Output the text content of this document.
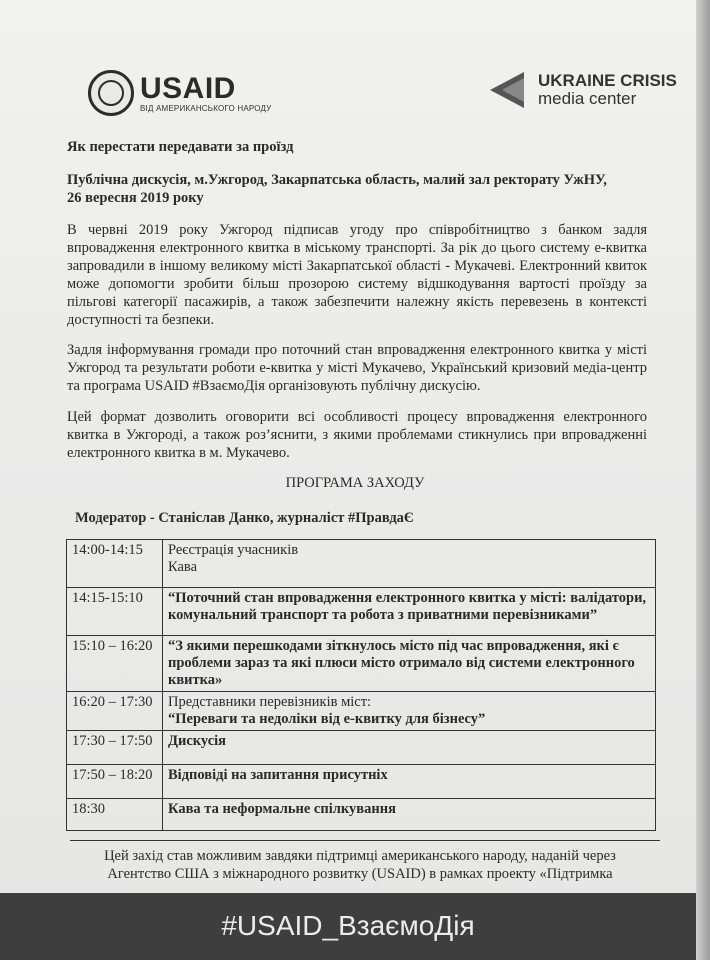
USAID
ВІД АМЕРИКАНСЬКОГО НАРОДУ
UKRAINE CRISIS
media center
Як перестати передавати за проїзд
Публічна дискусія, м.Ужгород, Закарпатська область, малий зал ректорату УжНУ,
26 вересня 2019 року
В червні 2019 року Ужгород підписав угоду про співробітництво з банком задля впровадження електронного квитка в міському транспорті. За рік до цього систему е-квитка запровадили в іншому великому місті Закарпатської області - Мукачеві. Електронний квиток може допомогти зробити більш прозорою систему відшкодування вартості проїзду за пільгові категорії пасажирів, а також забезпечити належну якість перевезень в контексті доступності та безпеки.
Задля інформування громади про поточний стан впровадження електронного квитка у місті Ужгород та результати роботи е-квитка у місті Мукачево, Український кризовий медіа-центр та програма USAID #ВзаємоДія організовують публічну дискусію.
Цей формат дозволить оговорити всі особливості процесу впровадження електронного квитка в Ужгороді, а також роз’яснити, з якими проблемами стикнулись при впровадженні електронного квитка в м. Мукачево.
ПРОГРАМА ЗАХОДУ
Модератор - Станіслав Данко, журналіст #ПравдаЄ
14:00-14:15	Реєстрація учасників
Кава

14:15-15:10	“Поточний стан впровадження електронного квитка у місті: валідатори, комунальний транспорт та робота з приватними перевізниками”
15:10 – 16:20	“З якими перешкодами зіткнулось місто під час впровадження, які є проблеми зараз та які плюси місто отримало від системи електронного квитка»
16:20 – 17:30	Представники перевізників міст:
“Переваги та недоліки від е-квитку для бізнесу”

17:30 – 17:50	Дискусія
17:50 – 18:20	Відповіді на запитання присутніх
18:30	Кава та неформальне спілкування
Цей захід став можливим завдяки підтримці американського народу, наданій через
Агентство США з міжнародного розвитку (USAID) в рамках проекту «Підтримка
#USAID_ВзаємоДія
